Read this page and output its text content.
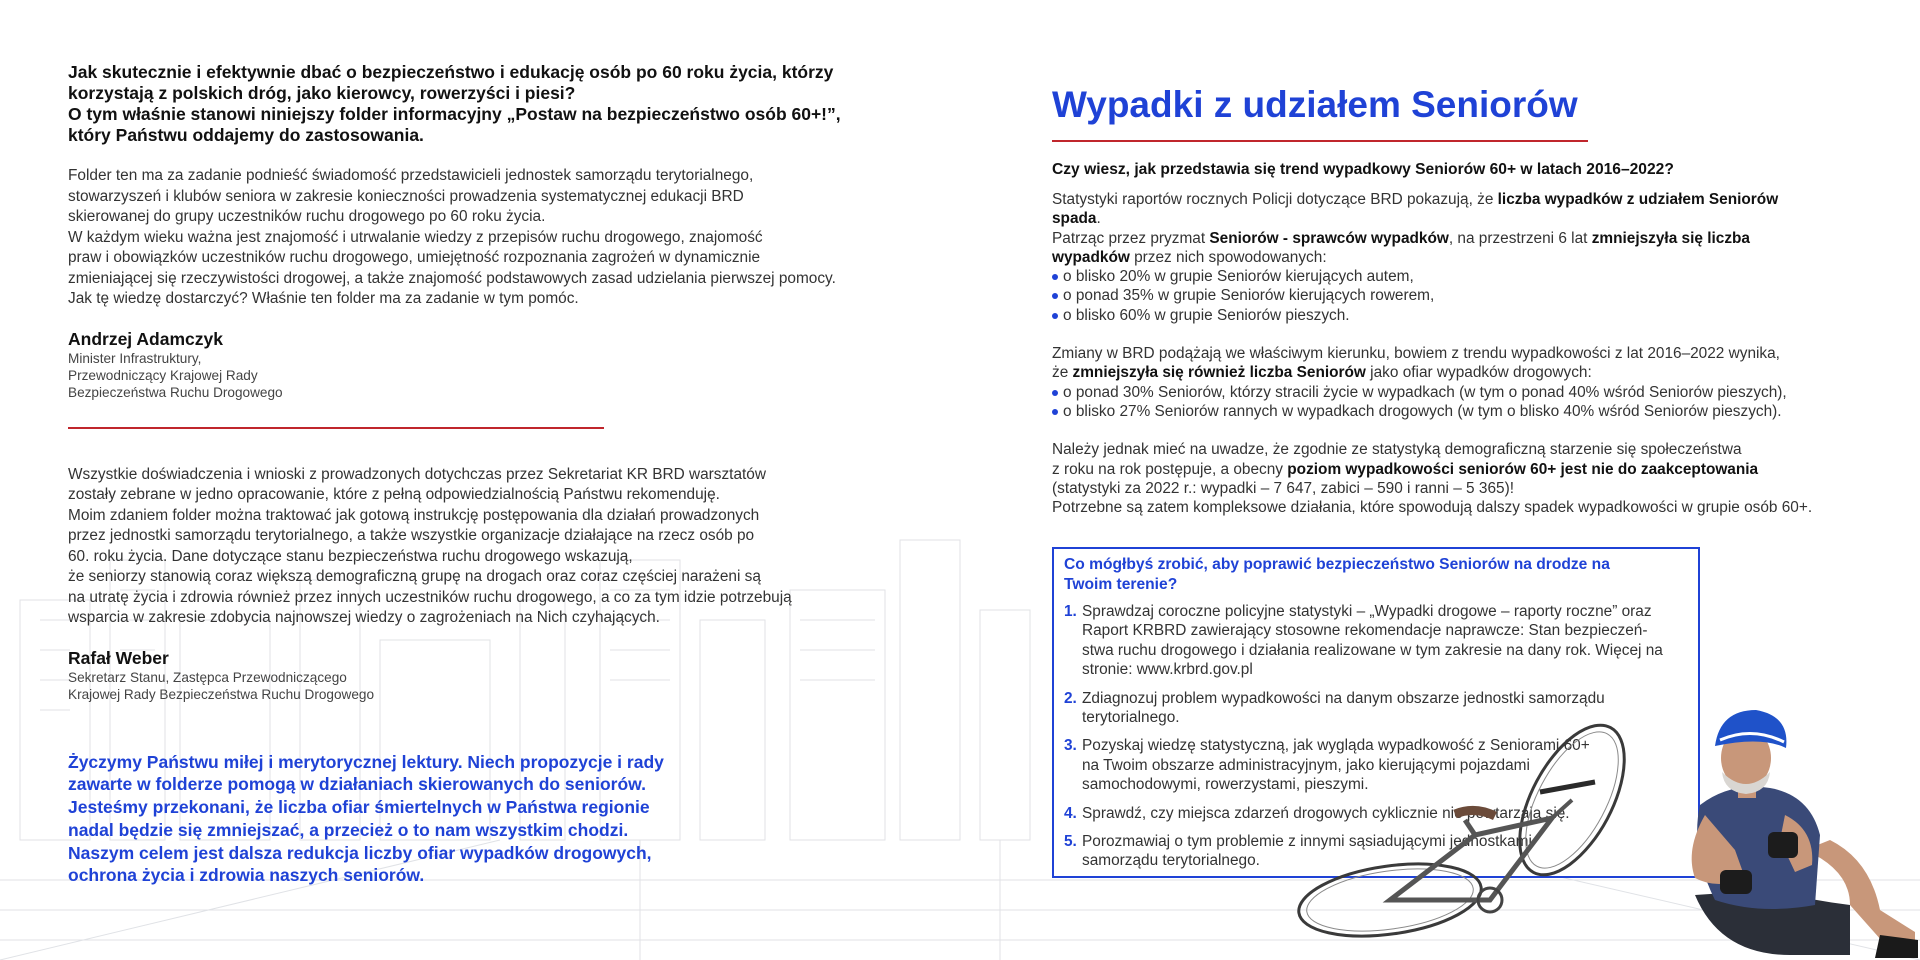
Jak skutecznie i efektywnie dbać o bezpieczeństwo i edukację osób po 60 roku życia, którzy
korzystają z polskich dróg, jako kierowcy, rowerzyści i piesi?
O tym właśnie stanowi niniejszy folder informacyjny „Postaw na bezpieczeństwo osób 60+!”,
który Państwu oddajemy do zastosowania.

Folder ten ma za zadanie podnieść świadomość przedstawicieli jednostek samorządu terytorialnego,

stowarzyszeń i klubów seniora w zakresie konieczności prowadzenia systematycznej edukacji BRD

skierowanej do grupy uczestników ruchu drogowego po 60 roku życia.

W każdym wieku ważna jest znajomość i utrwalanie wiedzy z przepisów ruchu drogowego, znajomość

praw i obowiązków uczestników ruchu drogowego, umiejętność rozpoznania zagrożeń w dynamicznie

zmieniającej się rzeczywistości drogowej, a także znajomość podstawowych zasad udzielania pierwszej pomocy.

Jak tę wiedzę dostarczyć? Właśnie ten folder ma za zadanie w tym pomóc.

Andrzej Adamczyk
Minister Infrastruktury,
Przewodniczący Krajowej Rady
Bezpieczeństwa Ruchu Drogowego

Wszystkie doświadczenia i wnioski z prowadzonych dotychczas przez Sekretariat KR BRD warsztatów

zostały zebrane w jedno opracowanie, które z pełną odpowiedzialnością Państwu rekomenduję.

Moim zdaniem folder można traktować jak gotową instrukcję postępowania dla działań prowadzonych

przez jednostki samorządu terytorialnego, a także wszystkie organizacje działające na rzecz osób po

60. roku życia. Dane dotyczące stanu bezpieczeństwa ruchu drogowego wskazują,

że seniorzy stanowią coraz większą demograficzną grupę na drogach oraz coraz częściej narażeni są

na utratę życia i zdrowia również przez innych uczestników ruchu drogowego, a co za tym idzie potrzebują

wsparcia w zakresie zdobycia najnowszej wiedzy o zagrożeniach na Nich czyhających.

Rafał Weber
Sekretarz Stanu, Zastępca Przewodniczącego
Krajowej Rady Bezpieczeństwa Ruchu Drogowego
Życzymy Państwu miłej i merytorycznej lektury. Niech propozycje i rady
zawarte w folderze pomogą w działaniach skierowanych do seniorów.
Jesteśmy przekonani, że liczba ofiar śmiertelnych w Państwa regionie
nadal będzie się zmniejszać, a przecież o to nam wszystkim chodzi.
Naszym celem jest dalsza redukcja liczby ofiar wypadków drogowych,
ochrona życia i zdrowia naszych seniorów.
Wypadki z udziałem Seniorów
Czy wiesz, jak przedstawia się trend wypadkowy Seniorów 60+ w latach 2016–2022?
Statystyki raportów rocznych Policji dotyczące BRD pokazują, że liczba wypadków z udziałem Seniorów
spada.
Patrząc przez pryzmat Seniorów - sprawców wypadków, na przestrzeni 6 lat zmniejszyła się liczba
wypadków przez nich spowodowanych:
o blisko 20% w grupie Seniorów kierujących autem,
o ponad 35% w grupie Seniorów kierujących rowerem,
o blisko 60% w grupie Seniorów pieszych.
Zmiany w BRD podążają we właściwym kierunku, bowiem z trendu wypadkowości z lat 2016–2022 wynika,
że zmniejszyła się również liczba Seniorów jako ofiar wypadków drogowych:
o ponad 30% Seniorów, którzy stracili życie w wypadkach (w tym o ponad 40% wśród Seniorów pieszych),
o blisko 27% Seniorów rannych w wypadkach drogowych (w tym o blisko 40% wśród Seniorów pieszych).
Należy jednak mieć na uwadze, że zgodnie ze statystyką demograficzną starzenie się społeczeństwa
z roku na rok postępuje, a obecny poziom wypadkowości seniorów 60+ jest nie do zaakceptowania
(statystyki za 2022 r.: wypadki – 7 647, zabici – 590 i ranni – 5 365)!
Potrzebne są zatem kompleksowe działania, które spowodują dalszy spadek wypadkowości w grupie osób 60+.
Co mógłbyś zrobić, aby poprawić bezpieczeństwo Seniorów na drodze na
Twoim terenie?
1. Sprawdzaj coroczne policyjne statystyki – „Wypadki drogowe – raporty roczne” oraz
Raport KRBRD zawierający stosowne rekomendacje naprawcze: Stan bezpieczeń-
stwa ruchu drogowego i działania realizowane w tym zakresie na dany rok. Więcej na
stronie: www.krbrd.gov.pl
2. Zdiagnozuj problem wypadkowości na danym obszarze jednostki samorządu
terytorialnego.
3. Pozyskaj wiedzę statystyczną, jak wygląda wypadkowość z Seniorami 60+
na Twoim obszarze administracyjnym, jako kierującymi pojazdami
samochodowymi, rowerzystami, pieszymi.
4. Sprawdź, czy miejsca zdarzeń drogowych cyklicznie nie powtarzają się.
5. Porozmawiaj o tym problemie z innymi sąsiadującymi jednostkami
samorządu terytorialnego.
